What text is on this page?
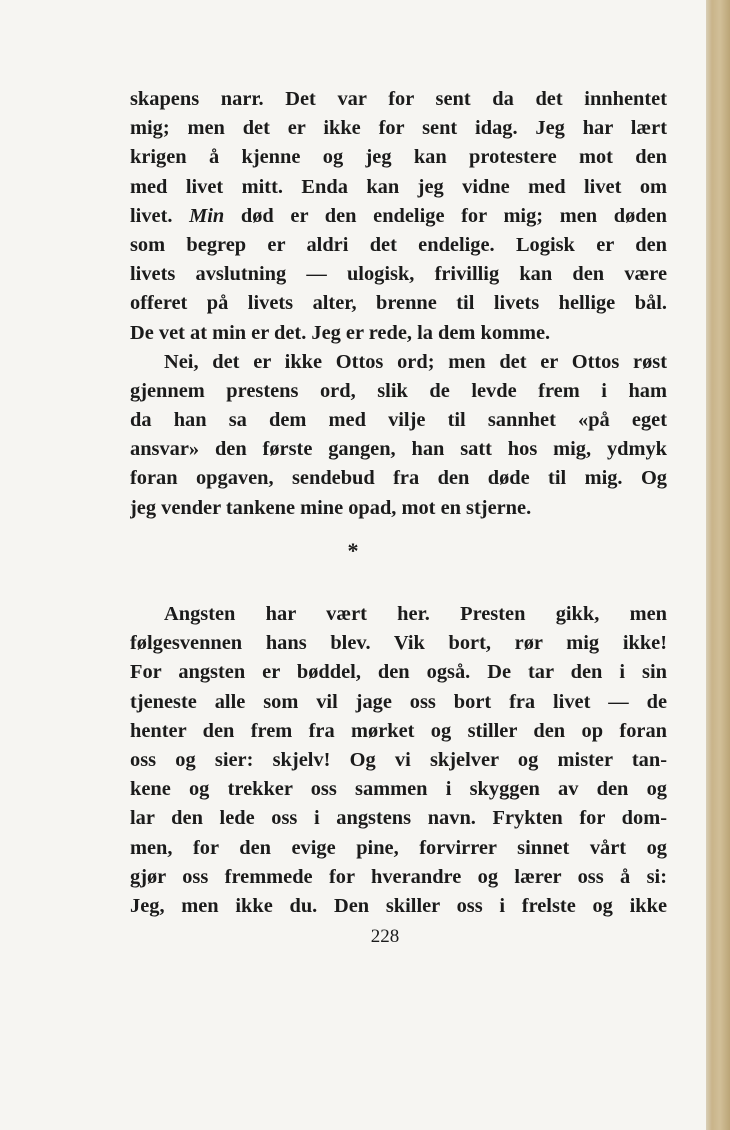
skapens narr. Det var for sent da det innhentet
mig; men det er ikke for sent idag. Jeg har lært
krigen å kjenne og jeg kan protestere mot den
med livet mitt. Enda kan jeg vidne med livet om
livet. Min død er den endelige for mig; men døden
som begrep er aldri det endelige. Logisk er den
livets avslutning — ulogisk, frivillig kan den være
offeret på livets alter, brenne til livets hellige bål.
De vet at min er det. Jeg er rede, la dem komme.
Nei, det er ikke Ottos ord; men det er Ottos røst
gjennem prestens ord, slik de levde frem i ham
da han sa dem med vilje til sannhet «på eget
ansvar» den første gangen, han satt hos mig, ydmyk
foran opgaven, sendebud fra den døde til mig. Og
jeg vender tankene mine opad, mot en stjerne.
*
Angsten har vært her. Presten gikk, men
følgesvennen hans blev. Vik bort, rør mig ikke!
For angsten er bøddel, den også. De tar den i sin
tjeneste alle som vil jage oss bort fra livet — de
henter den frem fra mørket og stiller den op foran
oss og sier: skjelv! Og vi skjelver og mister tan-
kene og trekker oss sammen i skyggen av den og
lar den lede oss i angstens navn. Frykten for dom-
men, for den evige pine, forvirrer sinnet vårt og
gjør oss fremmede for hverandre og lærer oss å si:
Jeg, men ikke du. Den skiller oss i frelste og ikke
228
